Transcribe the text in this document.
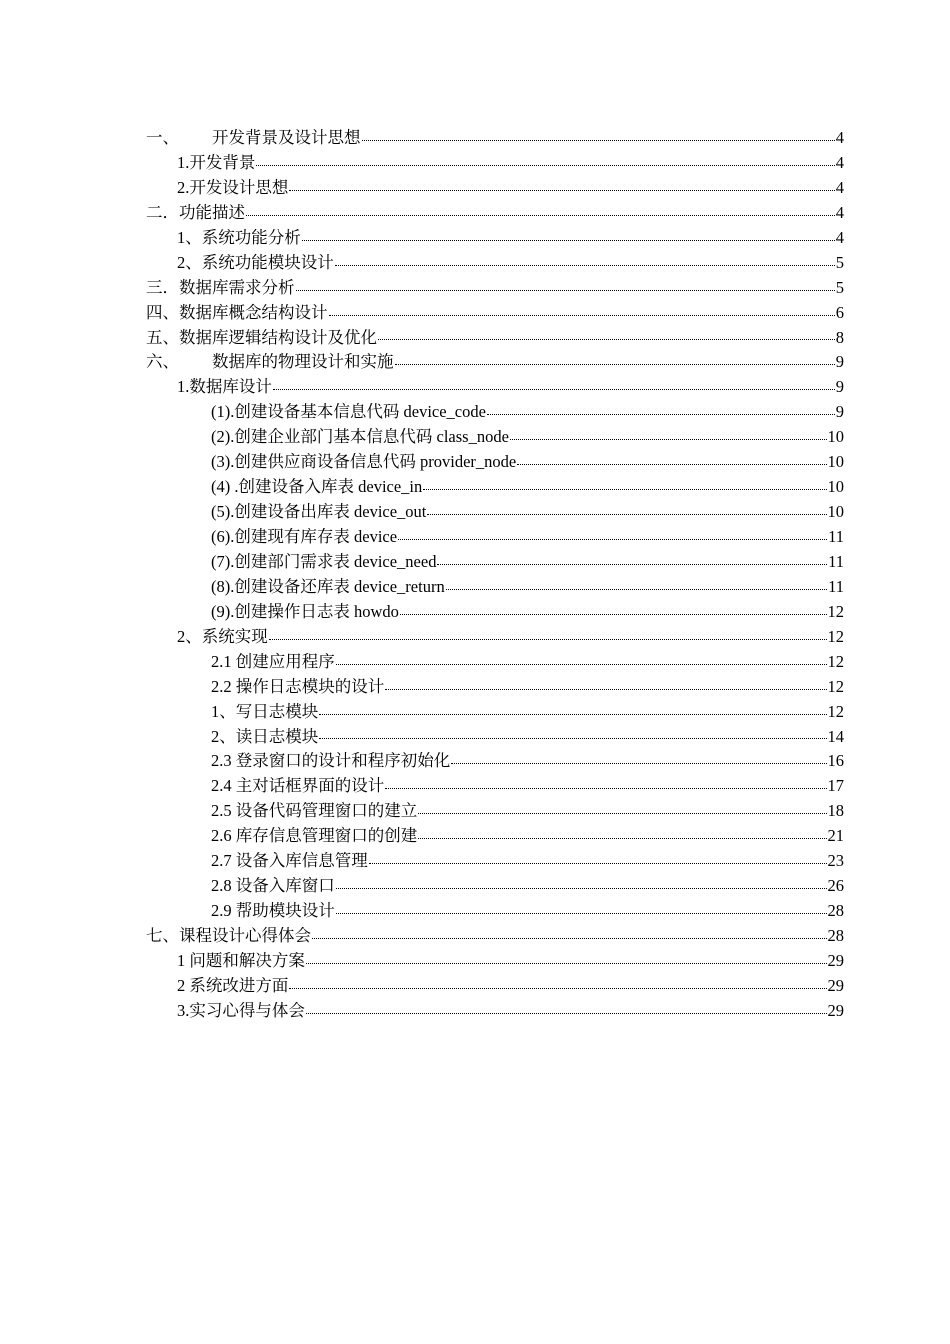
一、 开发背景及设计思想	4
1.开发背景	4
2.开发设计思想	4
二．功能描述	4
1、系统功能分析	4
2、系统功能模块设计	5
三．数据库需求分析	5
四、数据库概念结构设计	6
五、数据库逻辑结构设计及优化	8
六、 数据库的物理设计和实施	9
1.数据库设计	9
(1).创建设备基本信息代码 device_code	9
(2).创建企业部门基本信息代码 class_node	10
(3).创建供应商设备信息代码 provider_node	10
(4) .创建设备入库表 device_in	10
(5).创建设备出库表 device_out	10
(6).创建现有库存表 device	11
(7).创建部门需求表 device_need	11
(8).创建设备还库表 device_return	11
(9).创建操作日志表 howdo	12
2、系统实现	12
2.1 创建应用程序	12
2.2 操作日志模块的设计	12
1、写日志模块	12
2、读日志模块	14
2.3 登录窗口的设计和程序初始化	16
2.4 主对话框界面的设计	17
2.5 设备代码管理窗口的建立	18
2.6 库存信息管理窗口的创建	21
2.7 设备入库信息管理	23
2.8 设备入库窗口	26
2.9 帮助模块设计	28
七、课程设计心得体会	28
1 问题和解决方案	29
2 系统改进方面	29
3.实习心得与体会	29
